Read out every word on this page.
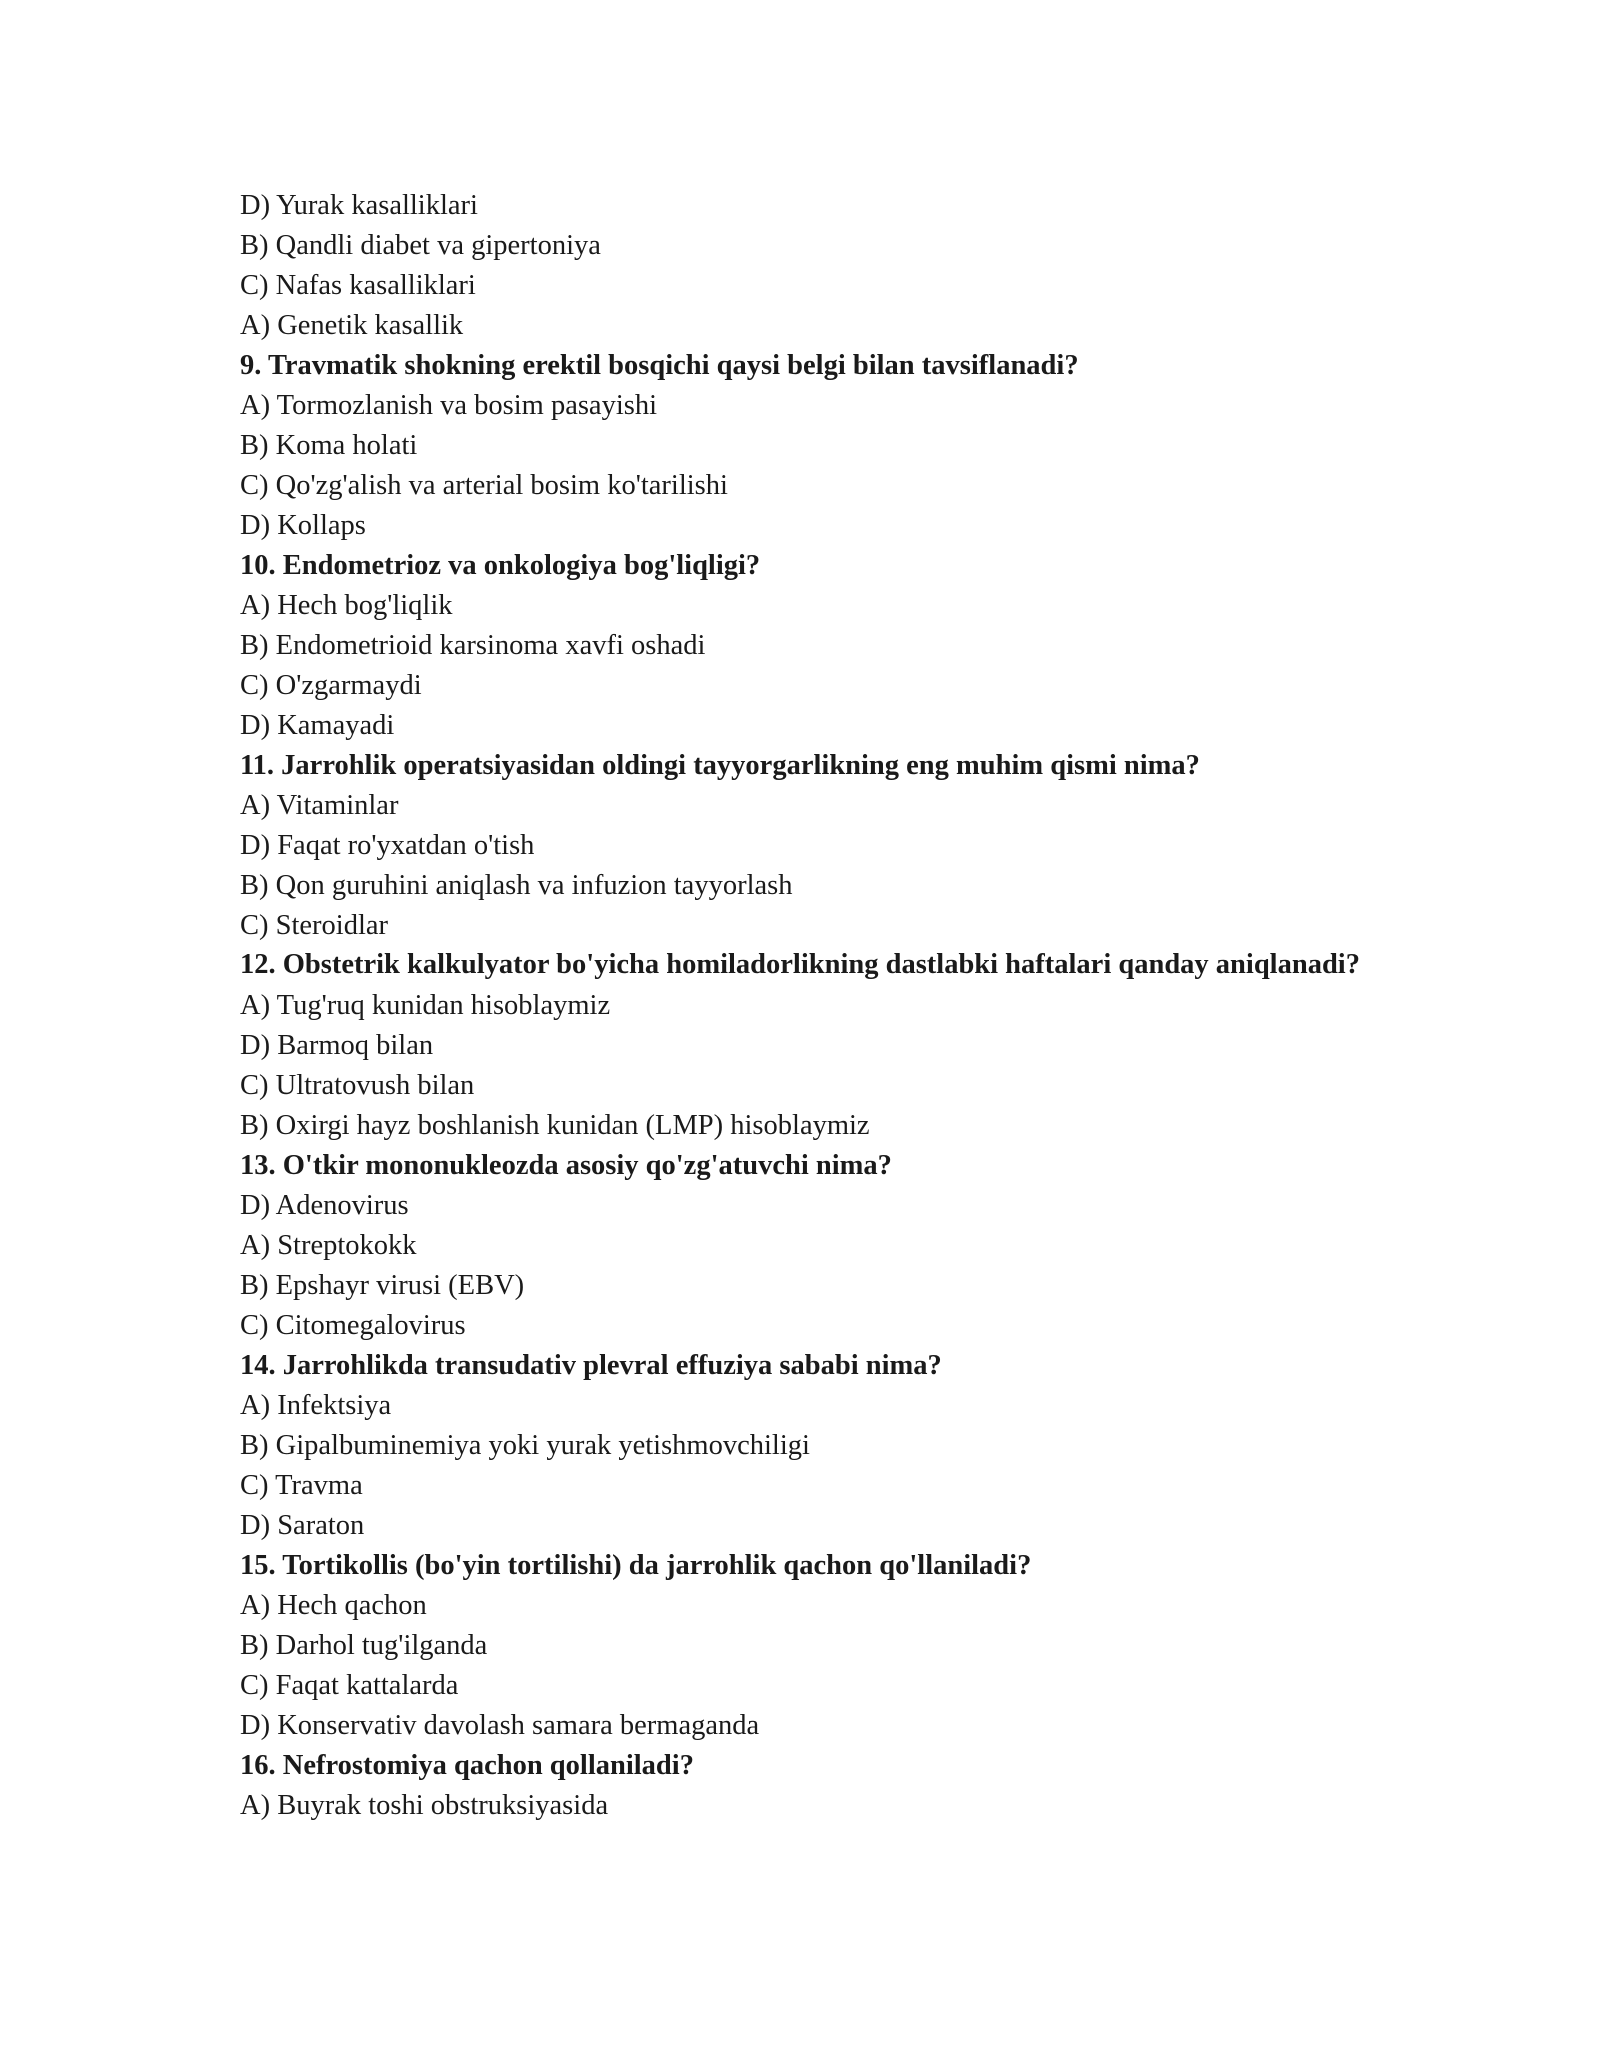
D) Yurak kasalliklari
B) Qandli diabet va gipertoniya
C) Nafas kasalliklari
A) Genetik kasallik
9. Travmatik shokning erektil bosqichi qaysi belgi bilan tavsiflanadi?
A) Tormozlanish va bosim pasayishi
B) Koma holati
C) Qo'zg'alish va arterial bosim ko'tarilishi
D) Kollaps
10. Endometrioz va onkologiya bog'liqligi?
A) Hech bog'liqlik
B) Endometrioid karsinoma xavfi oshadi
C) O'zgarmaydi
D) Kamayadi
11. Jarrohlik operatsiyasidan oldingi tayyorgarlikning eng muhim qismi nima?
A) Vitaminlar
D) Faqat ro'yxatdan o'tish
B) Qon guruhini aniqlash va infuzion tayyorlash
C) Steroidlar
12. Obstetrik kalkulyator bo'yicha homiladorlikning dastlabki haftalari qanday aniqlanadi?
A) Tug'ruq kunidan hisoblaymiz
D) Barmoq bilan
C) Ultratovush bilan
B) Oxirgi hayz boshlanish kunidan (LMP) hisoblaymiz
13. O'tkir mononukleozda asosiy qo'zg'atuvchi nima?
D) Adenovirus
A) Streptokokk
B) Epshayr virusi (EBV)
C) Citomegalovirus
14. Jarrohlikda transudativ plevral effuziya sababi nima?
A) Infektsiya
B) Gipalbuminemiya yoki yurak yetishmovchiligi
C) Travma
D) Saraton
15. Tortikollis (bo'yin tortilishi) da jarrohlik qachon qo'llaniladi?
A) Hech qachon
B) Darhol tug'ilganda
C) Faqat kattalarda
D) Konservativ davolash samara bermaganda
16. Nefrostomiya qachon qollaniladi?
A) Buyrak toshi obstruksiyasida
